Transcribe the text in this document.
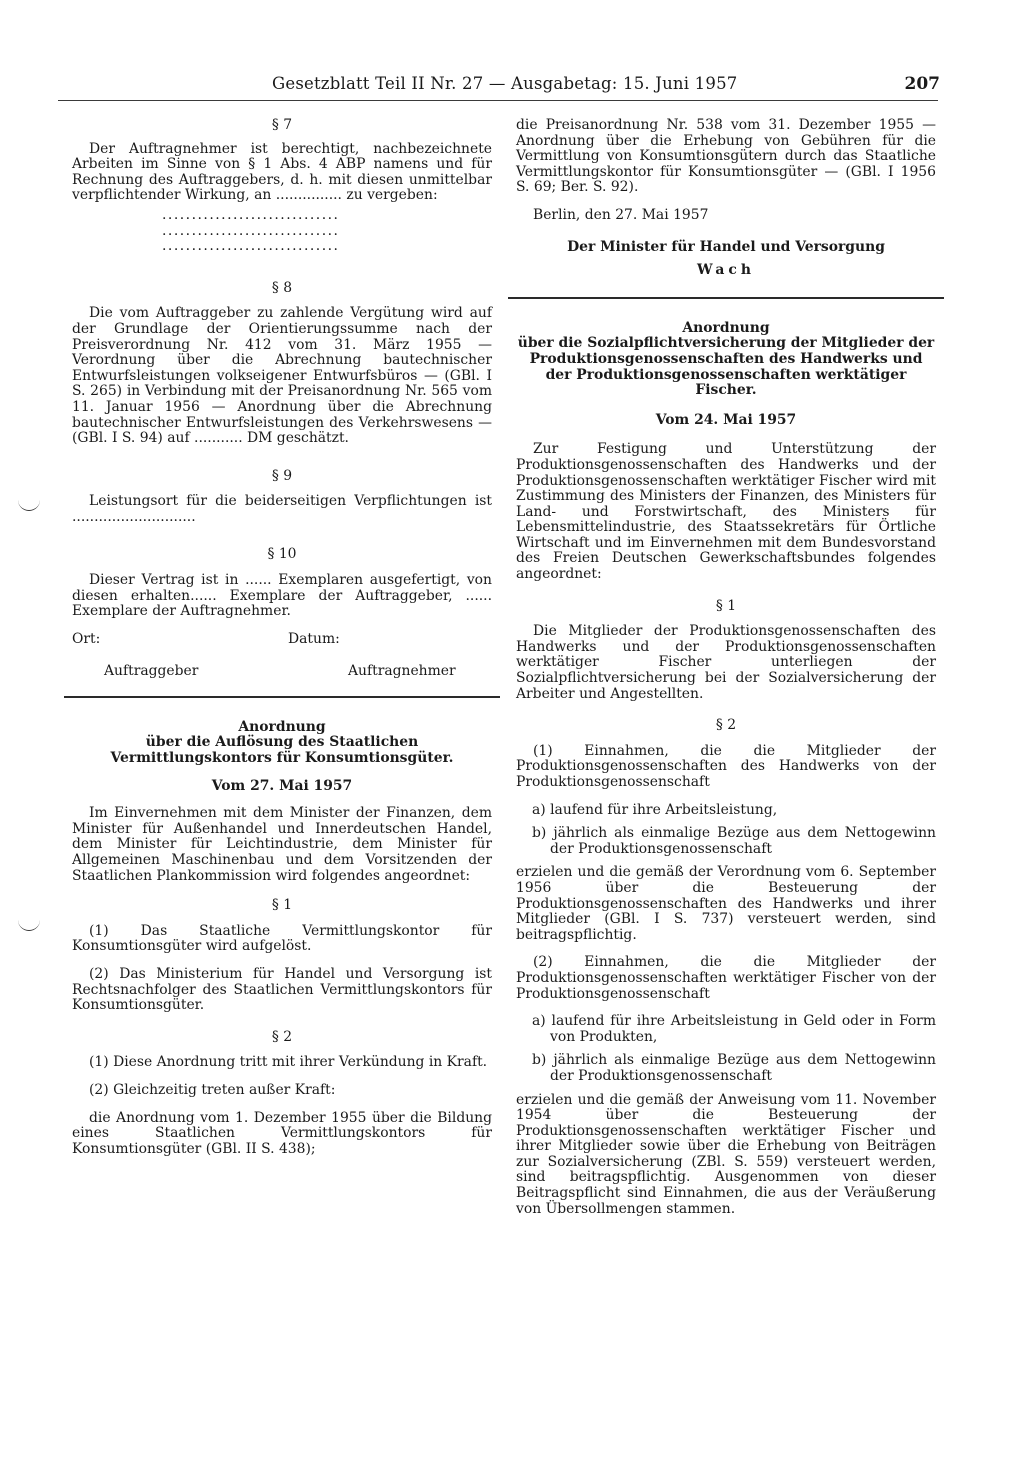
Gesetzblatt Teil II Nr. 27 — Ausgabetag: 15. Juni 1957	207

§ 7

Der Auftragnehmer ist berechtigt, nachbezeichnete Arbeiten im Sinne von § 1 Abs. 4 ABP namens und für Rechnung des Auftraggebers, d. h. mit diesen unmittelbar verpflichtender Wirkung, an ............... zu vergeben:

..............................

..............................

..............................

§ 8

Die vom Auftraggeber zu zahlende Vergütung wird auf der Grundlage der Orientierungssumme nach der Preisverordnung Nr. 412 vom 31. März 1955 — Verordnung über die Abrechnung bautechnischer Entwurfsleistungen volkseigener Entwurfsbüros — (GBl. I S. 265) in Verbindung mit der Preisanordnung Nr. 565 vom 11. Januar 1956 — Anordnung über die Abrechnung bautechnischer Entwurfsleistungen des Verkehrswesens — (GBl. I S. 94) auf ........... DM geschätzt.

§ 9

Leistungsort für die beiderseitigen Verpflichtungen ist ............................

§ 10

Dieser Vertrag ist in ...... Exemplaren ausgefertigt, von diesen erhalten...... Exemplare der Auftraggeber, ...... Exemplare der Auftragnehmer.

Ort:	Datum:
Auftraggeber	Auftragnehmer

Anordnung

über die Auflösung des Staatlichen Vermittlungskontors für Konsumtionsgüter.

Vom 27. Mai 1957

Im Einvernehmen mit dem Minister der Finanzen, dem Minister für Außenhandel und Innerdeutschen Handel, dem Minister für Leichtindustrie, dem Minister für Allgemeinen Maschinenbau und dem Vorsitzenden der Staatlichen Plankommission wird folgendes angeordnet:

§ 1

(1) Das Staatliche Vermittlungskontor für Konsumtionsgüter wird aufgelöst.

(2) Das Ministerium für Handel und Versorgung ist Rechtsnachfolger des Staatlichen Vermittlungskontors für Konsumtionsgüter.

§ 2

(1) Diese Anordnung tritt mit ihrer Verkündung in Kraft.

(2) Gleichzeitig treten außer Kraft:

die Anordnung vom 1. Dezember 1955 über die Bildung eines Staatlichen Vermittlungskontors für Konsumtionsgüter (GBl. II S. 438);

die Preisanordnung Nr. 538 vom 31. Dezember 1955 — Anordnung über die Erhebung von Gebühren für die Vermittlung von Konsumtionsgütern durch das Staatliche Vermittlungskontor für Konsumtionsgüter — (GBl. I 1956 S. 69; Ber. S. 92).

Berlin, den 27. Mai 1957

Der Minister für Handel und Versorgung

Wach

Anordnung

über die Sozialpflichtversicherung der Mitglieder der Produktionsgenossenschaften des Handwerks und der Produktionsgenossenschaften werktätiger Fischer.

Vom 24. Mai 1957

Zur Festigung und Unterstützung der Produktionsgenossenschaften des Handwerks und der Produktionsgenossenschaften werktätiger Fischer wird mit Zustimmung des Ministers der Finanzen, des Ministers für Land- und Forstwirtschaft, des Ministers für Lebensmittelindustrie, des Staatssekretärs für Örtliche Wirtschaft und im Einvernehmen mit dem Bundesvorstand des Freien Deutschen Gewerkschaftsbundes folgendes angeordnet:

§ 1

Die Mitglieder der Produktionsgenossenschaften des Handwerks und der Produktionsgenossenschaften werktätiger Fischer unterliegen der Sozialpflichtversicherung bei der Sozialversicherung der Arbeiter und Angestellten.

§ 2

(1) Einnahmen, die die Mitglieder der Produktionsgenossenschaften des Handwerks von der Produktionsgenossenschaft

a) laufend für ihre Arbeitsleistung,

b) jährlich als einmalige Bezüge aus dem Nettogewinn der Produktionsgenossenschaft

erzielen und die gemäß der Verordnung vom 6. September 1956 über die Besteuerung der Produktionsgenossenschaften des Handwerks und ihrer Mitglieder (GBl. I S. 737) versteuert werden, sind beitragspflichtig.

(2) Einnahmen, die die Mitglieder der Produktionsgenossenschaften werktätiger Fischer von der Produktionsgenossenschaft

a) laufend für ihre Arbeitsleistung in Geld oder in Form von Produkten,

b) jährlich als einmalige Bezüge aus dem Nettogewinn der Produktionsgenossenschaft

erzielen und die gemäß der Anweisung vom 11. November 1954 über die Besteuerung der Produktionsgenossenschaften werktätiger Fischer und ihrer Mitglieder sowie über die Erhebung von Beiträgen zur Sozialversicherung (ZBl. S. 559) versteuert werden, sind beitragspflichtig. Ausgenommen von dieser Beitragspflicht sind Einnahmen, die aus der Veräußerung von Übersollmengen stammen.
